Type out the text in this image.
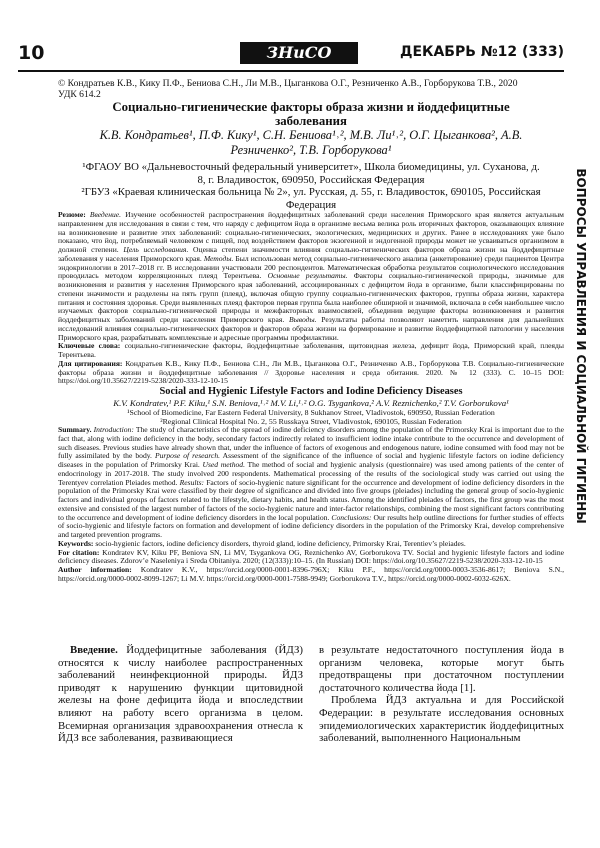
10	ЗНиСО	ДЕКАБРЬ №12 (333)
ВОПРОСЫ УПРАВЛЕНИЯ И СОЦИАЛЬНОЙ ГИГИЕНЫ

© Кондратьев К.В., Кику П.Ф., Бениова С.Н., Ли М.В., Цыганкова О.Г., Резниченко А.В., Горборукова Т.В., 2020

УДК 614.2

Социально-гигиенические факторы образа жизни и йоддефицитные заболевания

К.В. Кондратьев¹, П.Ф. Кику¹, С.Н. Бениова¹˒², М.В. Ли¹˒², О.Г. Цыганкова², А.В. Резниченко², Т.В. Горборукова¹

¹ФГАОУ ВО «Дальневосточный федеральный университет», Школа биомедицины, ул. Суханова, д. 8, г. Владивосток, 690950, Российская Федерация

²ГБУЗ «Краевая клиническая больница № 2», ул. Русская, д. 55, г. Владивосток, 690105, Российская Федерация

Резюме: Введение. Изучение особенностей распространения йоддефицитных заболеваний среди населения Приморского края является актуальным направлением для исследования в связи с тем, что наряду с дефицитом йода в организме весьма велика роль вторичных факторов, оказывающих влияние на возникновение и развитие этих заболеваний: социально-гигиенических, экологических, медицинских и других. Ранее в исследованиях уже было показано, что йод, потребляемый человеком с пищей, под воздействием факторов экзогенной и эндогенной природы может не усваиваться организмом в должной степени. Цель исследования. Оценка степени значимости влияния социально-гигиенических факторов образа жизни на йоддефицитные заболевания у населения Приморского края. Методы. Был использован метод социально-гигиенического анализа (анкетирование) среди пациентов Центра эндокринологии в 2017–2018 гг. В исследовании участвовали 200 респондентов. Математическая обработка результатов социологического исследования проводилась методом корреляционных плеяд Терентьева. Основные результаты. Факторы социально-гигиенической природы, значимые для возникновения и развития у населения Приморского края заболеваний, ассоциированных с дефицитом йода в организме, были классифицированы по степени значимости и разделены на пять групп (плеяд), включая общую группу социально-гигиенических факторов, группы образа жизни, характера питания и состояния здоровья. Среди выявленных плеяд факторов первая группа была наиболее обширной и значимой, включала в себя наибольшее число изучаемых факторов социально-гигиенической природы и межфакторных взаимосвязей, объединив ведущие факторы возникновения и развития йоддефицитных заболеваний среди населения Приморского края. Выводы. Результаты работы позволяют наметить направления для дальнейших исследований влияния социально-гигиенических факторов и факторов образа жизни на формирование и развитие йоддефицитной патологии у населения Приморского края, разрабатывать комплексные и адресные программы профилактики.
Ключевые слова: социально-гигиенические факторы, йоддефицитные заболевания, щитовидная железа, дефицит йода, Приморский край, плеяды Терентьева.

Для цитирования: Кондратьев К.В., Кику П.Ф., Бениова С.Н., Ли М.В., Цыганкова О.Г., Резниченко А.В., Горборукова Т.В. Социально-гигиенические факторы образа жизни и йоддефицитные заболевания // Здоровье населения и среда обитания. 2020. № 12 (333). С. 10–15 DOI: https://doi.org/10.35627/2219-5238/2020-333-12-10-15

Social and Hygienic Lifestyle Factors and Iodine Deficiency Diseases

K.V. Kondratev,¹ P.F. Kiku,¹ S.N. Beniova,¹˒² M.V. Li,¹˒² O.G. Tsygankova,² A.V. Reznichenko,² T.V. Gorborukova¹

¹School of Biomedicine, Far Eastern Federal University, 8 Sukhanov Street, Vladivostok, 690950, Russian Federation

²Regional Clinical Hospital No. 2, 55 Russkaya Street, Vladivostok, 690105, Russian Federation

Summary. Introduction: The study of characteristics of the spread of iodine deficiency disorders among the population of the Primorsky Krai is important due to the fact that, along with iodine deficiency in the body, secondary factors indirectly related to insufficient iodine intake contribute to the occurrence and development of such diseases. Previous studies have already shown that, under the influence of factors of exogenous and endogenous nature, iodine consumed with food may not be fully assimilated by the body. Purpose of research. Assessment of the significance of the influence of social and hygienic lifestyle factors on iodine deficiency diseases in the population of Primorsky Krai. Used method. The method of social and hygienic analysis (questionnaire) was used among patients of the center of endocrinology in 2017-2018. The study involved 200 respondents. Mathematical processing of the results of the sociological study was carried out using the Terentyev correlation Pleiades method. Results: Factors of socio-hygienic nature significant for the occurrence and development of iodine deficiency disorders in the population of the Primorsky Krai were classified by their degree of significance and divided into five groups (pleiades) including the general group of socio-hygienic factors and individual groups of factors related to the lifestyle, dietary habits, and health status. Among the identified pleiades of factors, the first group was the most extensive and consisted of the largest number of factors of the socio-hygienic nature and inter-factor relationships, combining the most significant factors contributing to the occurrence and development of iodine deficiency disorders in the local population. Conclusions: Our results help outline directions for further studies of effects of socio-hygienic and lifestyle factors on formation and development of iodine deficiency disorders in the population of the Primorsky Krai, develop comprehensive and targeted prevention programs.
Keywords: socio-hygienic factors, iodine deficiency disorders, thyroid gland, iodine deficiency, Primorsky Krai, Terentiev’s pleiades.
For citation: Kondratev KV, Kiku PF, Beniova SN, Li MV, Tsygankova OG, Reznichenko AV, Gorborukova TV. Social and hygienic lifestyle factors and iodine deficiency diseases. Zdorov’e Naseleniya i Sreda Obitaniya. 2020; (12(333)):10–15. (In Russian) DOI: https://doi.org/10.35627/2219-5238/2020-333-12-10-15
Author information: Kondratev K.V., https://orcid.org/0000-0001-8396-796X; Kiku P.F., https://orcid.org/0000-0003-3536-8617; Beniova S.N., https://orcid.org/0000-0002-8099-1267; Li M.V. https://orcid.org/0000-0001-7588-9949; Gorborukova T.V., https://orcid.org/0000-0002-6032-626X.

Введение. Йоддефицитные заболевания (ЙДЗ) относятся к числу наиболее распространенных заболеваний неинфекционной природы. ЙДЗ приводят к нарушению функции щитовидной железы на фоне дефицита йода и впоследствии влияют на работу всего организма в целом. Всемирная организация здравоохранения отнесла к ЙДЗ все заболевания, развивающиеся

в результате недостаточного поступления йода в организм человека, которые могут быть предотвращены при достаточном поступлении достаточного количества йода [1].

Проблема ЙДЗ актуальна и для Российской Федерации: в результате исследования основных эпидемиологических характеристик йоддефицитных заболеваний, выполненного Национальным
